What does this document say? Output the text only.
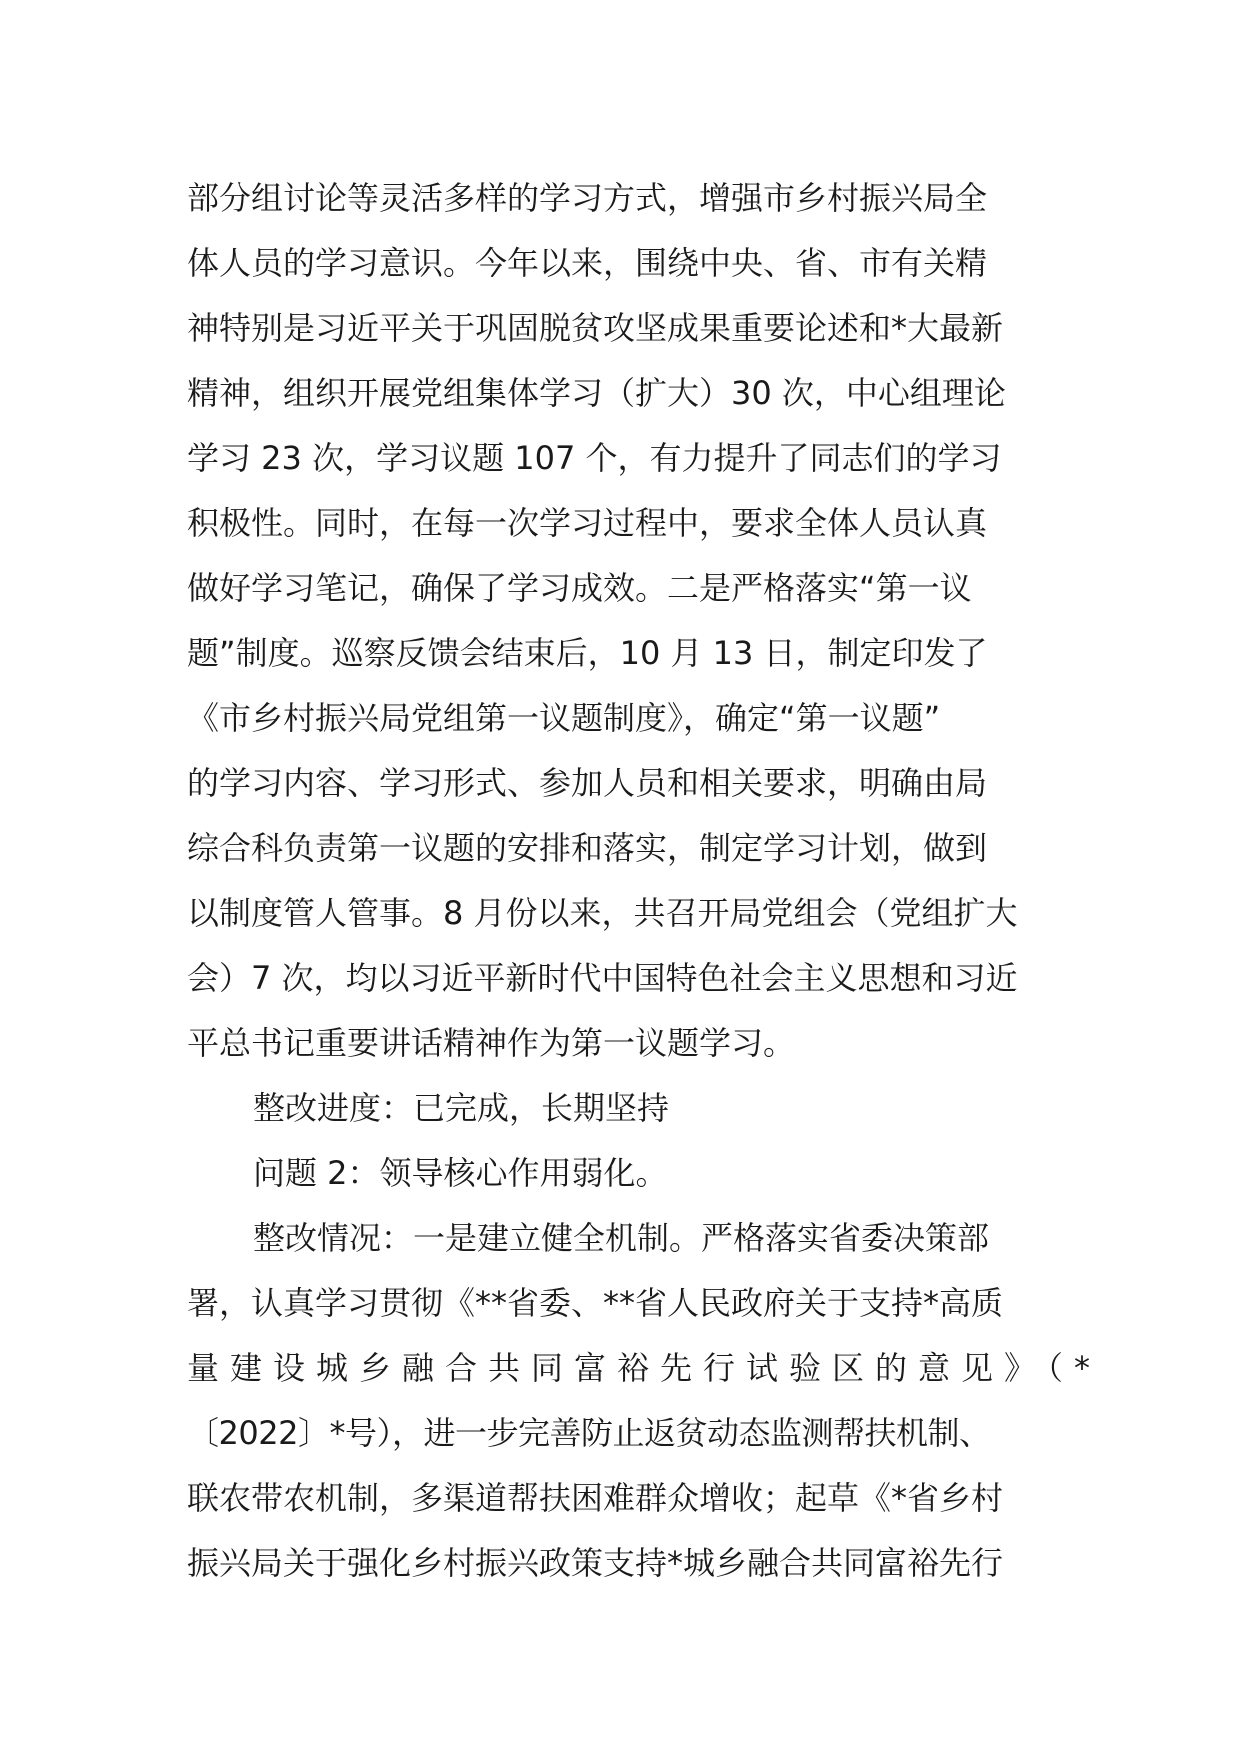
部分组讨论等灵活多样的学习方式，增强市乡村振兴局全
体人员的学习意识。今年以来，围绕中央、省、市有关精
神特别是习近平关于巩固脱贫攻坚成果重要论述和*大最新
精神，组织开展党组集体学习（扩大）30 次，中心组理论
学习 23 次，学习议题 107 个，有力提升了同志们的学习
积极性。同时，在每一次学习过程中，要求全体人员认真
做好学习笔记，确保了学习成效。二是严格落实“第一议
题”制度。巡察反馈会结束后，10 月 13 日，制定印发了
《市乡村振兴局党组第一议题制度》，确定“第一议题”
的学习内容、学习形式、参加人员和相关要求，明确由局
综合科负责第一议题的安排和落实，制定学习计划，做到
以制度管人管事。8 月份以来，共召开局党组会（党组扩大
会）7 次，均以习近平新时代中国特色社会主义思想和习近
平总书记重要讲话精神作为第一议题学习。
整改进度：已完成，长期坚持
问题 2：领导核心作用弱化。
整改情况：一是建立健全机制。严格落实省委决策部
署，认真学习贯彻《**省委、**省人民政府关于支持*高质
量建设城乡融合共同富裕先行试验区的意见》（*
〔2022〕*号），进一步完善防止返贫动态监测帮扶机制、
联农带农机制，多渠道帮扶困难群众增收；起草《*省乡村
振兴局关于强化乡村振兴政策支持*城乡融合共同富裕先行
